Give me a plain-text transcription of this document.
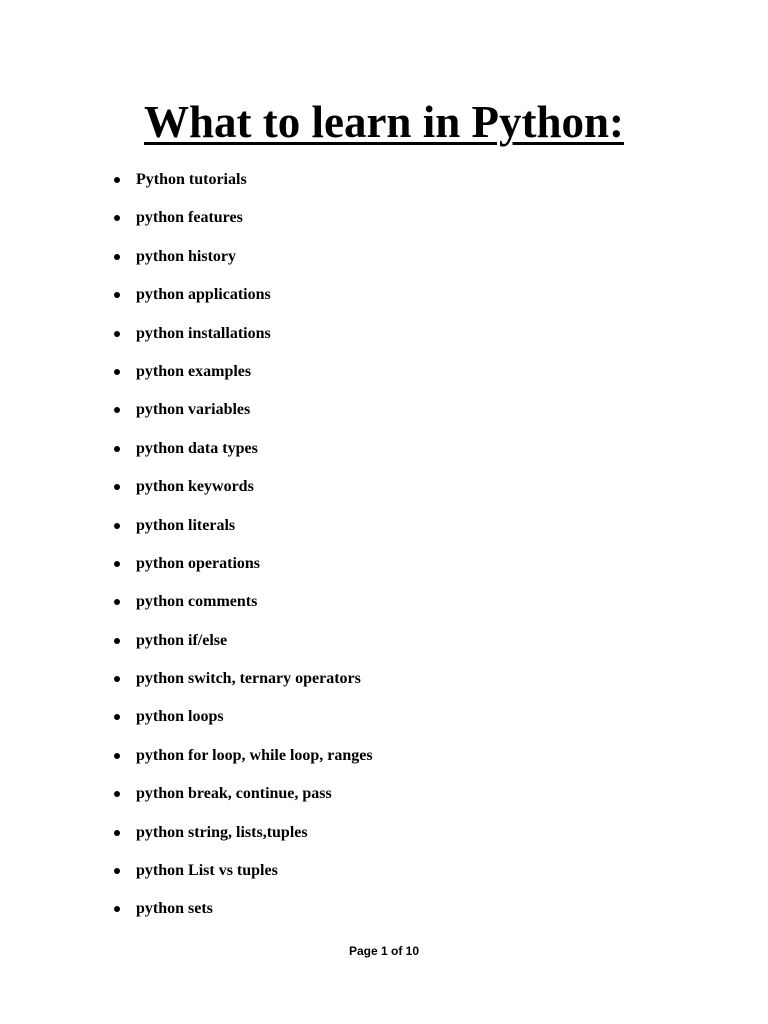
What to learn in Python:
Python tutorials
python features
python history
python applications
python installations
python examples
python variables
python data types
python keywords
python literals
python operations
python comments
python if/else
python switch, ternary operators
python loops
python for loop, while loop, ranges
python break, continue, pass
python string, lists,tuples
python List vs tuples
python sets
Page 1 of 10
